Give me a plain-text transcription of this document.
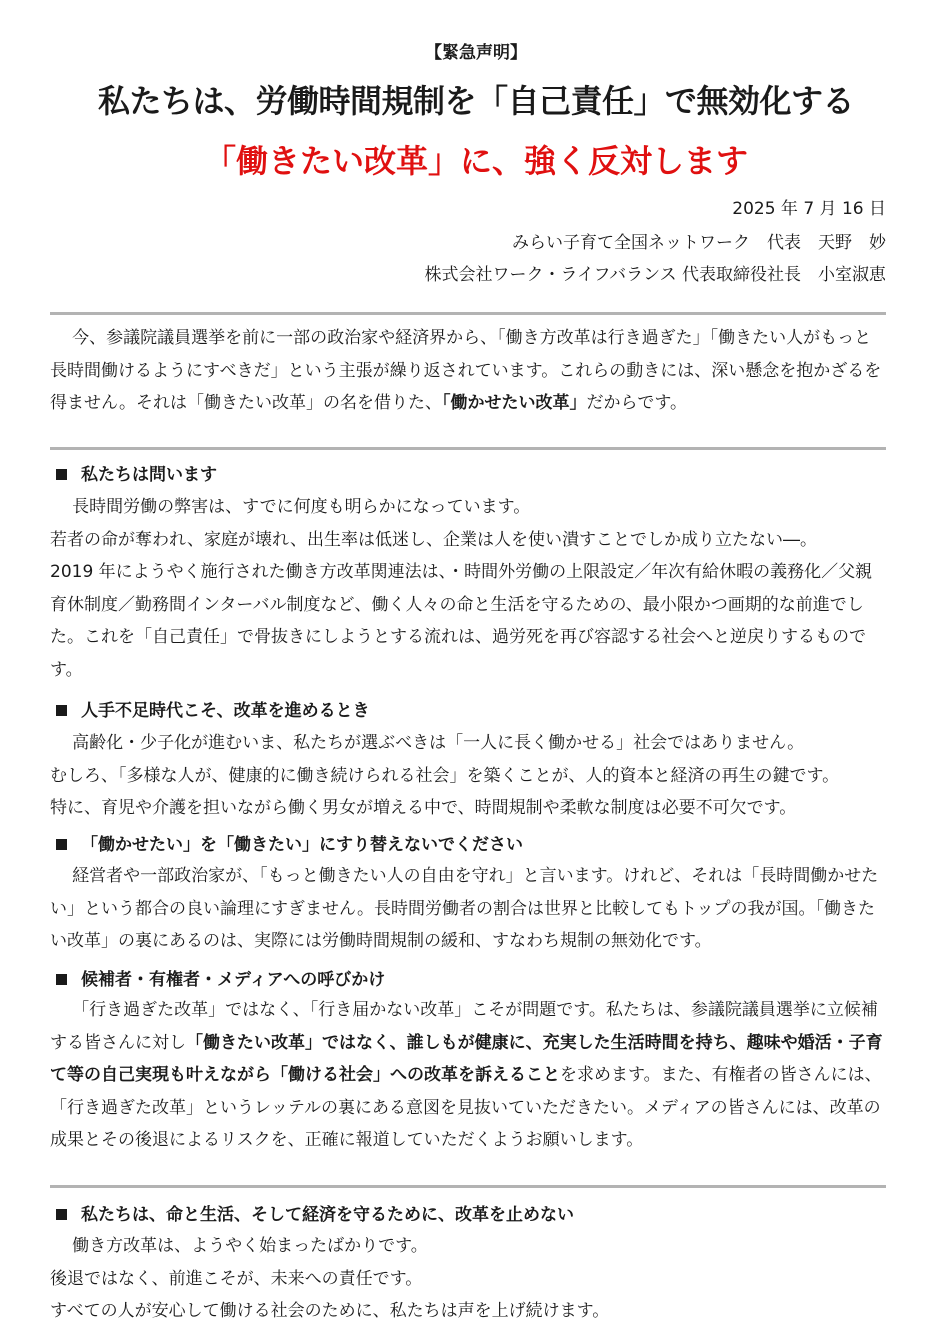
【緊急声明】
私たちは、労働時間規制を「自己責任」で無効化する
「働きたい改革」に、強く反対します
2025 年 7 月 16 日
みらい子育て全国ネットワーク　代表　天野　妙
株式会社ワーク・ライフバランス 代表取締役社長　小室淑恵
今、参議院議員選挙を前に一部の政治家や経済界から、「働き方改革は行き過ぎた」「働きたい人がもっと長時間働けるようにすべきだ」という主張が繰り返されています。これらの動きには、深い懸念を抱かざるを得ません。それは「働きたい改革」の名を借りた、「働かせたい改革」だからです。
私たちは問います
長時間労働の弊害は、すでに何度も明らかになっています。
若者の命が奪われ、家庭が壊れ、出生率は低迷し、企業は人を使い潰すことでしか成り立たない―。
2019 年にようやく施行された働き方改革関連法は、・時間外労働の上限設定／年次有給休暇の義務化／父親育休制度／勤務間インターバル制度など、働く人々の命と生活を守るための、最小限かつ画期的な前進でした。これを「自己責任」で骨抜きにしようとする流れは、過労死を再び容認する社会へと逆戻りするものです。
人手不足時代こそ、改革を進めるとき
高齢化・少子化が進むいま、私たちが選ぶべきは「一人に長く働かせる」社会ではありません。
むしろ、「多様な人が、健康的に働き続けられる社会」を築くことが、人的資本と経済の再生の鍵です。
特に、育児や介護を担いながら働く男女が増える中で、時間規制や柔軟な制度は必要不可欠です。
「働かせたい」を「働きたい」にすり替えないでください
経営者や一部政治家が、「もっと働きたい人の自由を守れ」と言います。けれど、それは「長時間働かせたい」という都合の良い論理にすぎません。長時間労働者の割合は世界と比較してもトップの我が国。「働きたい改革」の裏にあるのは、実際には労働時間規制の緩和、すなわち規制の無効化です。
候補者・有権者・メディアへの呼びかけ
「行き過ぎた改革」ではなく、「行き届かない改革」こそが問題です。私たちは、参議院議員選挙に立候補する皆さんに対し「働きたい改革」ではなく、誰しもが健康に、充実した生活時間を持ち、趣味や婚活・子育て等の自己実現も叶えながら「働ける社会」への改革を訴えることを求めます。また、有権者の皆さんには、「行き過ぎた改革」というレッテルの裏にある意図を見抜いていただきたい。メディアの皆さんには、改革の成果とその後退によるリスクを、正確に報道していただくようお願いします。
私たちは、命と生活、そして経済を守るために、改革を止めない
働き方改革は、ようやく始まったばかりです。
後退ではなく、前進こそが、未来への責任です。
すべての人が安心して働ける社会のために、私たちは声を上げ続けます。
